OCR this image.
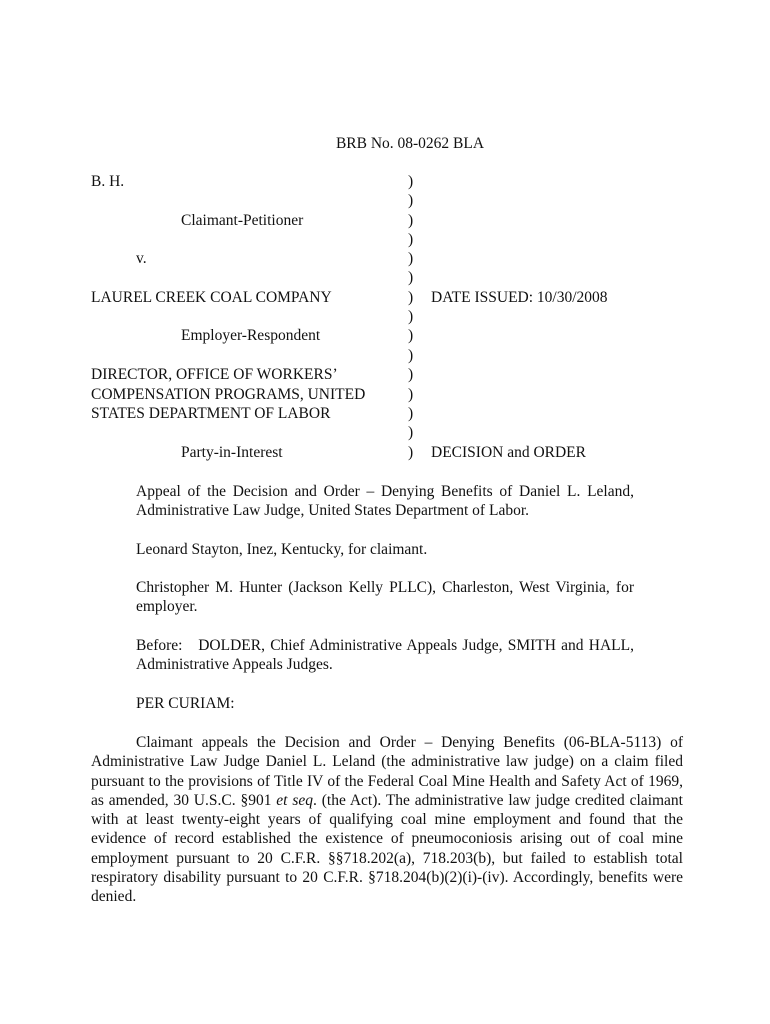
BRB No. 08-0262 BLA
B. H.
Claimant-Petitioner
v.
LAUREL CREEK COAL COMPANY
Employer-Respondent
DIRECTOR, OFFICE OF WORKERS’
COMPENSATION PROGRAMS, UNITED
STATES DEPARTMENT OF LABOR
Party-in-Interest
)
)
)
)
)
)
)
)
)
)
)
)
)
)
)
DATE ISSUED: 10/30/2008
DECISION and ORDER
Appeal of the Decision and Order – Denying Benefits of Daniel L. Leland, Administrative Law Judge, United States Department of Labor.
Leonard Stayton, Inez, Kentucky, for claimant.
Christopher M. Hunter (Jackson Kelly PLLC), Charleston, West Virginia, for employer.
Before: DOLDER, Chief Administrative Appeals Judge, SMITH and HALL, Administrative Appeals Judges.
PER CURIAM:
Claimant appeals the Decision and Order – Denying Benefits (06-BLA-5113) of Administrative Law Judge Daniel L. Leland (the administrative law judge) on a claim filed pursuant to the provisions of Title IV of the Federal Coal Mine Health and Safety Act of 1969, as amended, 30 U.S.C. §901 et seq. (the Act). The administrative law judge credited claimant with at least twenty-eight years of qualifying coal mine employment and found that the evidence of record established the existence of pneumoconiosis arising out of coal mine employment pursuant to 20 C.F.R. §§718.202(a), 718.203(b), but failed to establish total respiratory disability pursuant to 20 C.F.R. §718.204(b)(2)(i)-(iv). Accordingly, benefits were denied.
